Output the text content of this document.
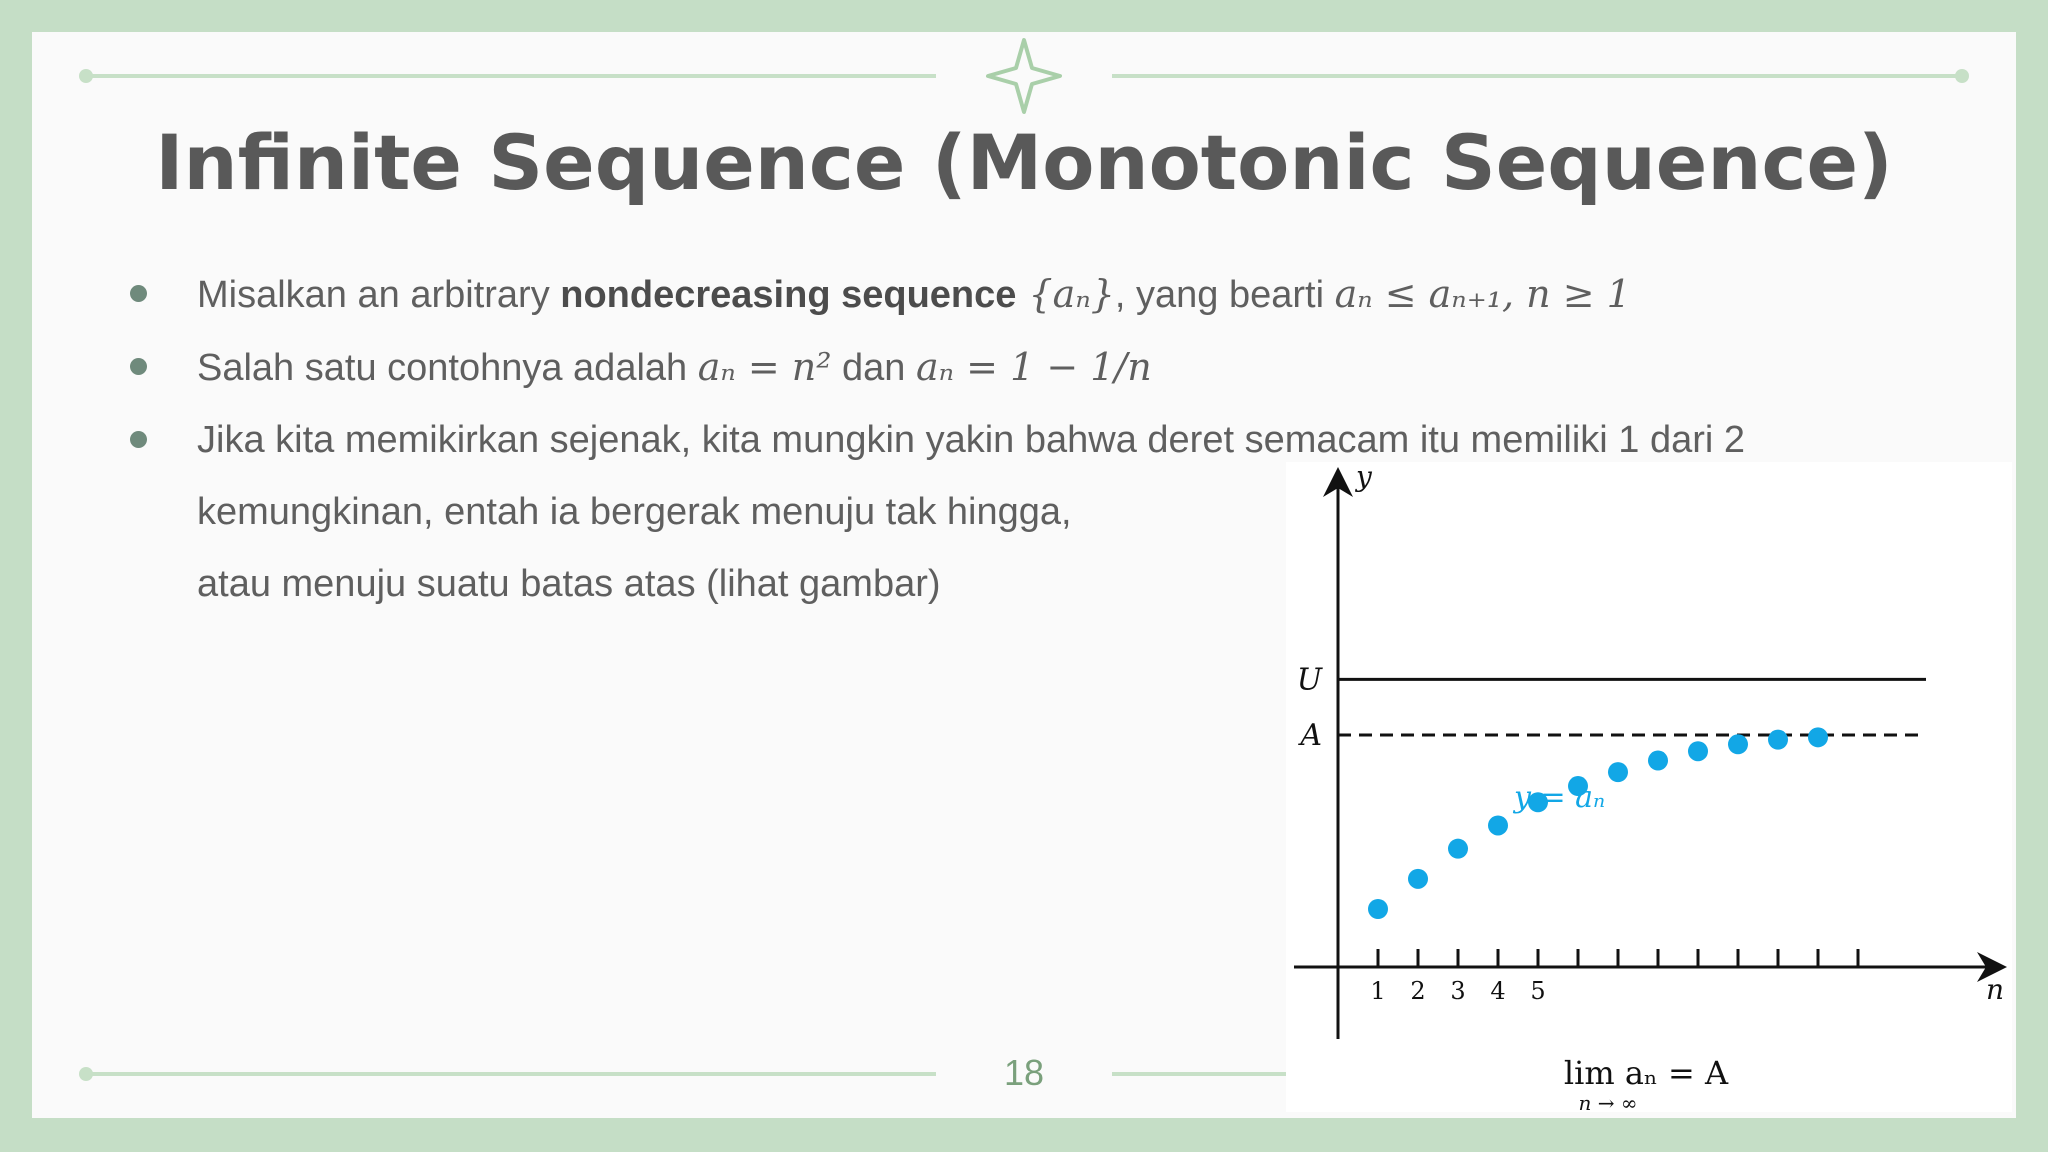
Infinite Sequence (Monotonic Sequence)
Misalkan an arbitrary nondecreasing sequence {aₙ}, yang bearti aₙ ≤ aₙ₊₁, n ≥ 1
Salah satu contohnya adalah aₙ = n² dan aₙ = 1 − 1/n
Jika kita memikirkan sejenak, kita mungkin yakin bahwa deret semacam itu memiliki 1 dari 2
kemungkinan, entah ia bergerak menuju tak hingga,
atau menuju suatu batas atas (lihat gambar)
18
n
y
1 2 3 4 5
U
A
y = aₙ
lim aₙ = A
n → ∞
